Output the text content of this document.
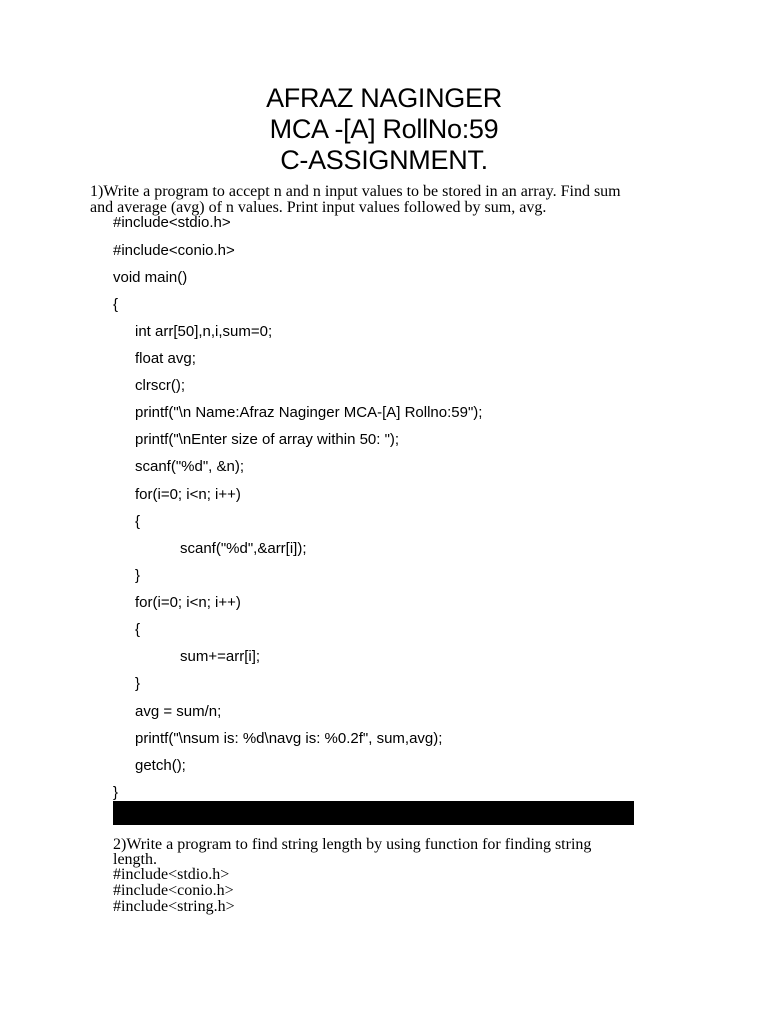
AFRAZ NAGINGER
MCA -[A] RollNo:59
C-ASSIGNMENT.
1)Write a program to accept n and n input values to be stored in an array. Find sum
and average (avg) of n values. Print input values followed by sum, avg.
#include<stdio.h>
#include<conio.h>
void main()
{
int arr[50],n,i,sum=0;
float avg;
clrscr();
printf("\n Name:Afraz Naginger MCA-[A] Rollno:59");
printf("\nEnter size of array within 50: ");
scanf("%d", &n);
for(i=0; i<n; i++)
{
scanf("%d",&arr[i]);
}
for(i=0; i<n; i++)
{
sum+=arr[i];
}
avg = sum/n;
printf("\nsum is: %d\navg is: %0.2f", sum,avg);
getch();
}
2)Write a program to find string length by using function for finding string
length.
#include<stdio.h>
#include<conio.h>
#include<string.h>
